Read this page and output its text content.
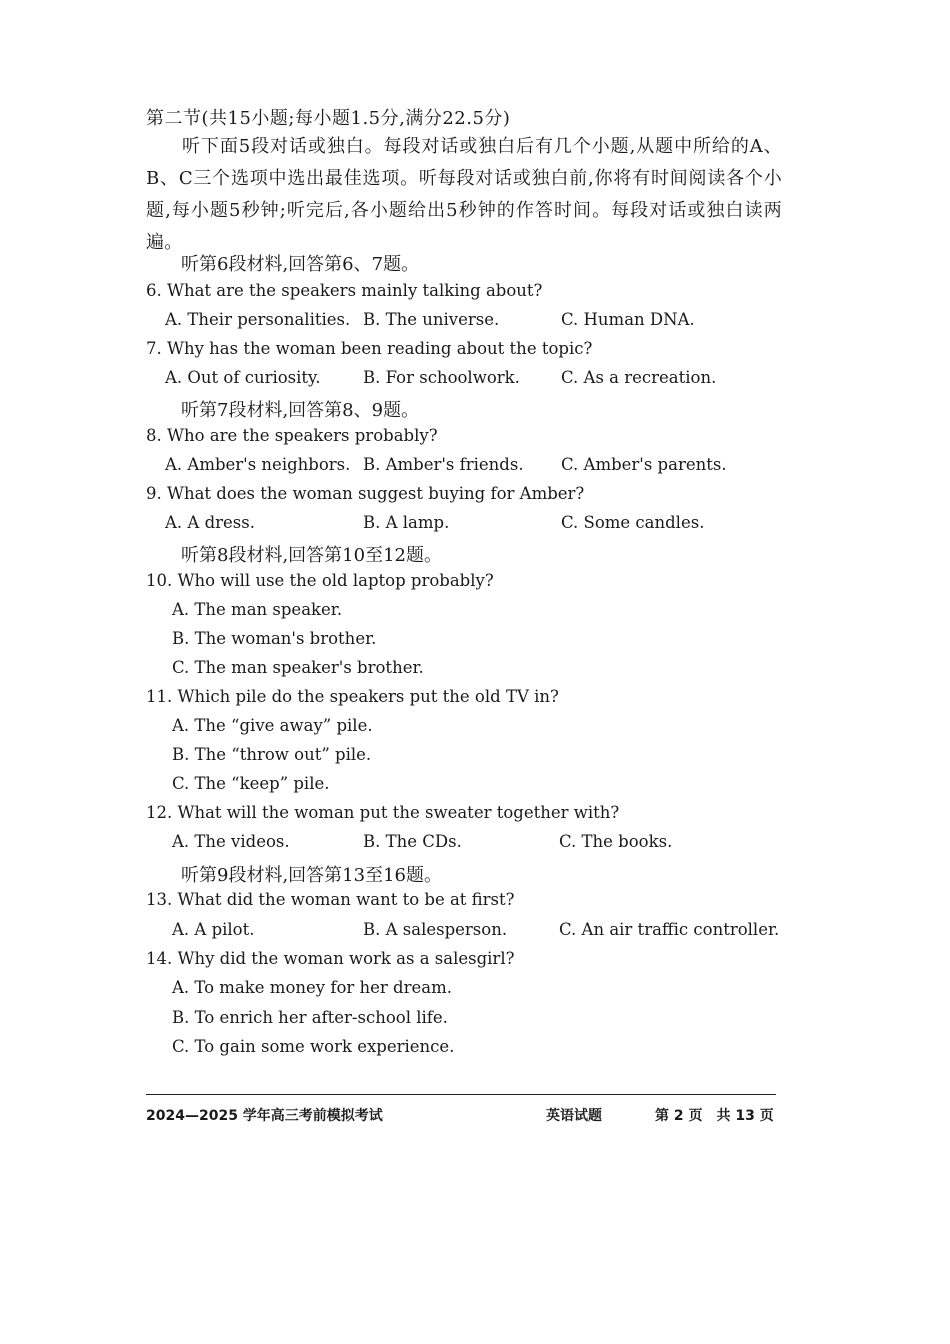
第二节(共15小题;每小题1.5分,满分22.5分)
听下面5段对话或独白。每段对话或独白后有几个小题,从题中所给的A、B、C三个选项中选出最佳选项。听每段对话或独白前,你将有时间阅读各个小题,每小题5秒钟;听完后,各小题给出5秒钟的作答时间。每段对话或独白读两遍。
听第6段材料,回答第6、7题。
6. What are the speakers mainly talking about?
A. Their personalities. B. The universe.	C. Human DNA.
7. Why has the woman been reading about the topic?
A. Out of curiosity.	B. For schoolwork. C. As a recreation.
听第7段材料,回答第8、9题。
8. Who are the speakers probably?
A. Amber's neighbors. B. Amber's friends. C. Amber's parents.
9. What does the woman suggest buying for Amber?
A. A dress.	B. A lamp.	C. Some candles.
听第8段材料,回答第10至12题。
10. Who will use the old laptop probably?
A. The man speaker.
B. The woman's brother.
C. The man speaker's brother.
11. Which pile do the speakers put the old TV in?
A. The “give away” pile.
B. The “throw out” pile.
C. The “keep” pile.
12. What will the woman put the sweater together with?
A. The videos.	B. The CDs.	C. The books.
听第9段材料,回答第13至16题。
13. What did the woman want to be at first?
A. A pilot.	B. A salesperson.	C. An air traffic controller.
14. Why did the woman work as a salesgirl?
A. To make money for her dream.
B. To enrich her after-school life.
C. To gain some work experience.
2024—2025 学年高三考前模拟考试	英语试题	第 2 页　共 13 页
